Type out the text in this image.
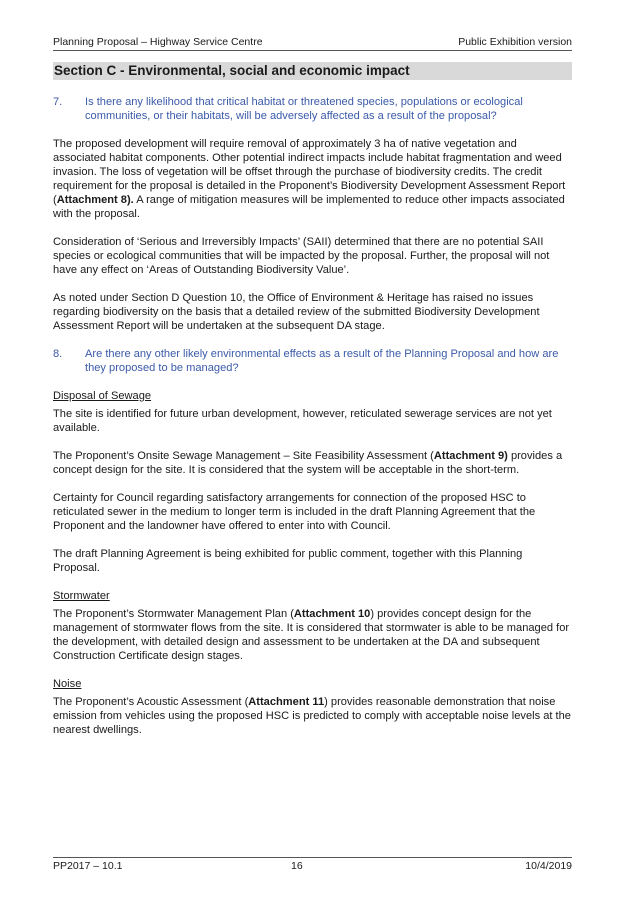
Planning Proposal – Highway Service Centre	Public Exhibition version
Section C - Environmental, social and economic impact
7.	Is there any likelihood that critical habitat or threatened species, populations or ecological communities, or their habitats, will be adversely affected as a result of the proposal?

The proposed development will require removal of approximately 3 ha of native vegetation and associated habitat components. Other potential indirect impacts include habitat fragmentation and weed invasion. The loss of vegetation will be offset through the purchase of biodiversity credits. The credit requirement for the proposal is detailed in the Proponent’s Biodiversity Development Assessment Report (Attachment 8). A range of mitigation measures will be implemented to reduce other impacts associated with the proposal.

Consideration of ‘Serious and Irreversibly Impacts’ (SAII) determined that there are no potential SAII species or ecological communities that will be impacted by the proposal. Further, the proposal will not have any effect on ‘Areas of Outstanding Biodiversity Value’.

As noted under Section D Question 10, the Office of Environment & Heritage has raised no issues regarding biodiversity on the basis that a detailed review of the submitted Biodiversity Development Assessment Report will be undertaken at the subsequent DA stage.

8.	Are there any other likely environmental effects as a result of the Planning Proposal and how are they proposed to be managed?
Disposal of Sewage

The site is identified for future urban development, however, reticulated sewerage services are not yet available.

The Proponent’s Onsite Sewage Management – Site Feasibility Assessment (Attachment 9) provides a concept design for the site. It is considered that the system will be acceptable in the short-term.

Certainty for Council regarding satisfactory arrangements for connection of the proposed HSC to reticulated sewer in the medium to longer term is included in the draft Planning Agreement that the Proponent and the landowner have offered to enter into with Council.

The draft Planning Agreement is being exhibited for public comment, together with this Planning Proposal.

Stormwater

The Proponent’s Stormwater Management Plan (Attachment 10) provides concept design for the management of stormwater flows from the site. It is considered that stormwater is able to be managed for the development, with detailed design and assessment to be undertaken at the DA and subsequent Construction Certificate design stages.

Noise

The Proponent’s Acoustic Assessment (Attachment 11) provides reasonable demonstration that noise emission from vehicles using the proposed HSC is predicted to comply with acceptable noise levels at the nearest dwellings.

PP2017 – 10.1	16	10/4/2019
